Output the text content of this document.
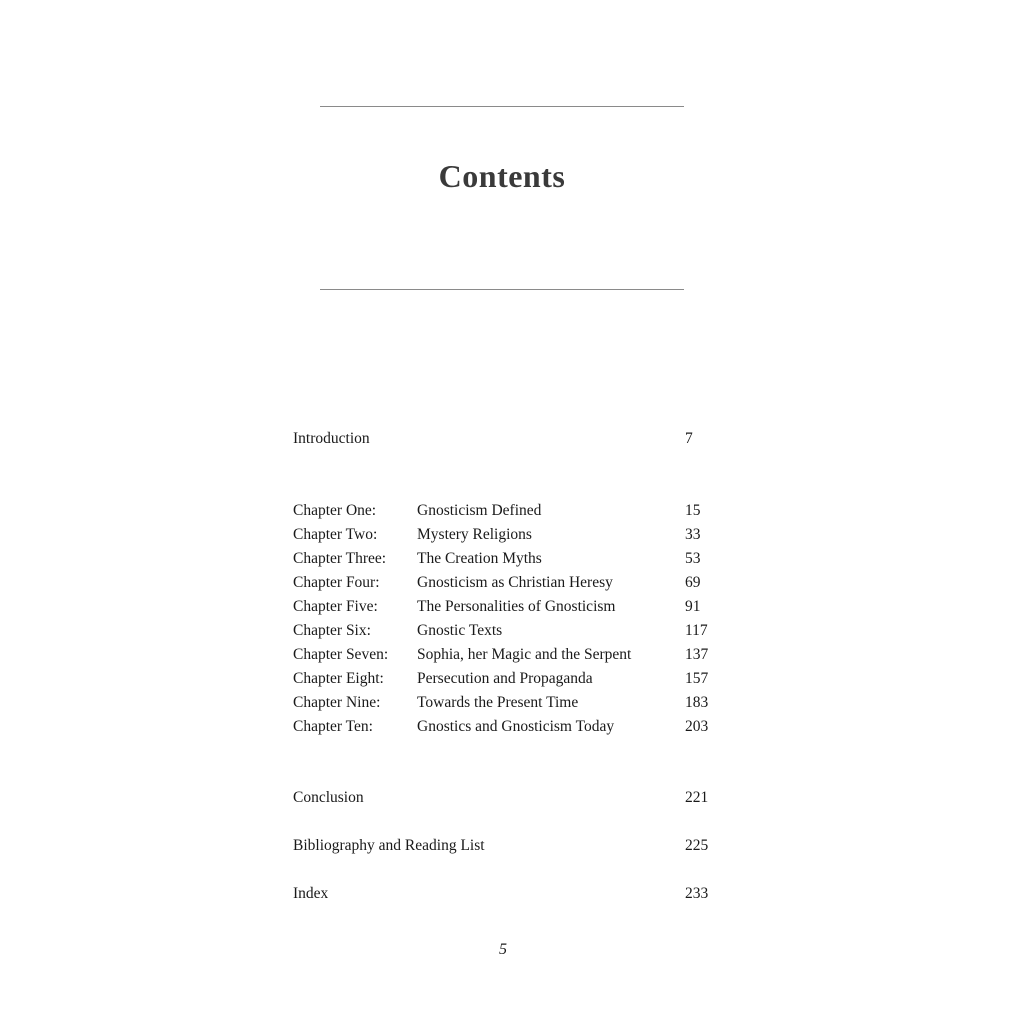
Contents
Introduction	7
Chapter One:	Gnosticism Defined	15
Chapter Two:	Mystery Religions	33
Chapter Three: The Creation Myths	53
Chapter Four: Gnosticism as Christian Heresy	69
Chapter Five:	The Personalities of Gnosticism	91
Chapter Six:	Gnostic Texts	117
Chapter Seven: Sophia, her Magic and the Serpent	137
Chapter Eight: Persecution and Propaganda	157
Chapter Nine: Towards the Present Time	183
Chapter Ten:	Gnostics and Gnosticism Today	203
Conclusion	221
Bibliography and Reading List	225
Index	233
5
